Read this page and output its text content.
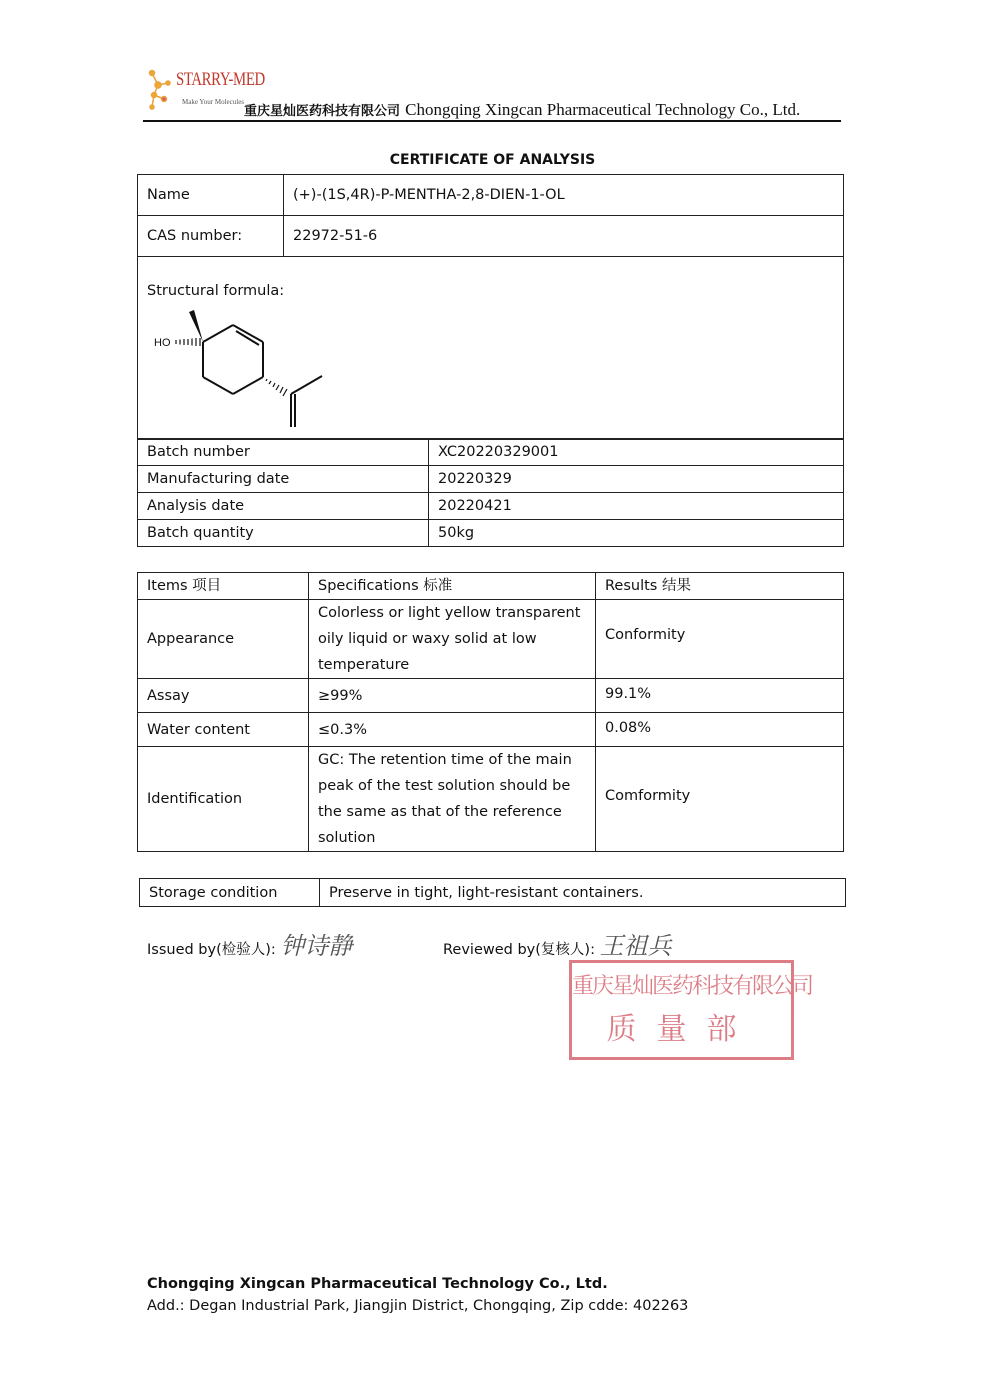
STARRY-MED
Make Your Molecules
重庆星灿医药科技有限公司 Chongqing Xingcan Pharmaceutical Technology Co., Ltd.
CERTIFICATE OF ANALYSIS
Name	(+)-(1S,4R)-P-MENTHA-2,8-DIEN-1-OL
CAS number:	22972-51-6

Structural formula:
HO	
Batch number	XC20220329001
Manufacturing date	20220329
Analysis date	20220421
Batch quantity	50kg
Items 项目	Specifications 标准	Results 结果
Appearance	Colorless or light yellow transparent oily liquid or waxy solid at low temperature	Conformity
Assay	≥99%	99.1%
Water content	≤0.3%	0.08%
Identification	GC: The retention time of the main peak of the test solution should be the same as that of the reference solution	Comformity
Storage condition	Preserve in tight, light-resistant containers.
Issued by(检验人): 钟诗静	Reviewed by(复核人): 王祖兵
重庆星灿医药科技有限公司
质量部
Chongqing Xingcan Pharmaceutical Technology Co., Ltd.
Add.: Degan Industrial Park, Jiangjin District, Chongqing, Zip cdde: 402263
